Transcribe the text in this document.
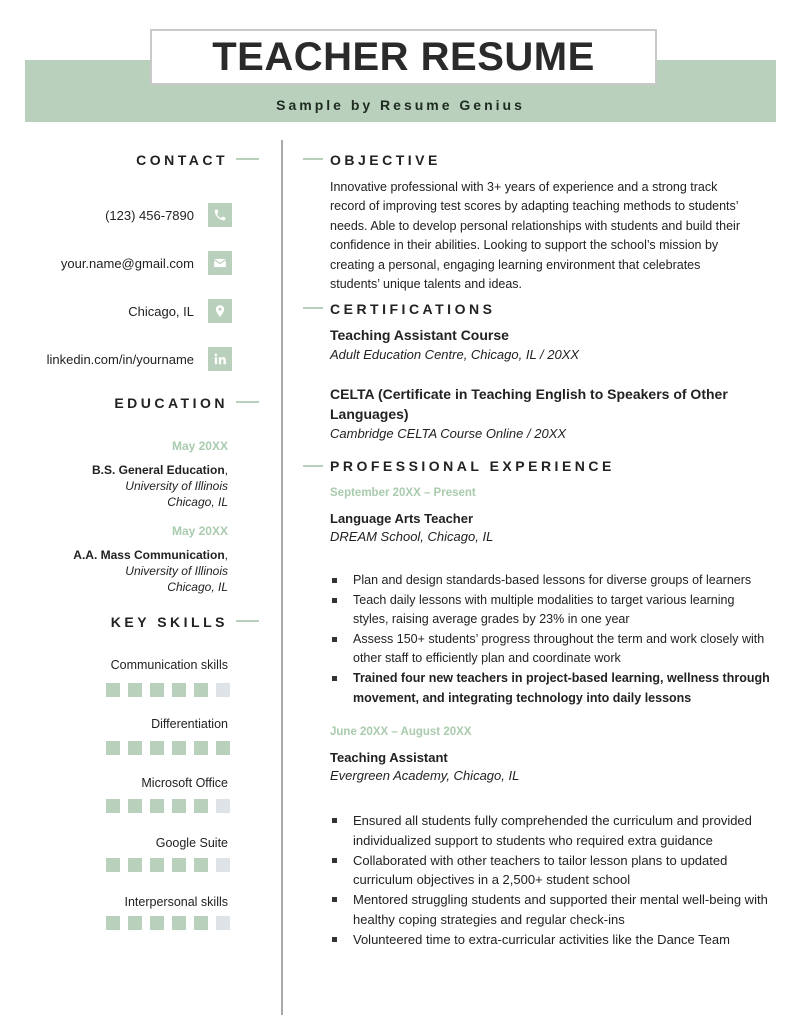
TEACHER RESUME
Sample by Resume Genius
CONTACT
(123) 456-7890
your.name@gmail.com
Chicago, IL
linkedin.com/in/yourname
EDUCATION
May 20XX
B.S. General Education,
University of Illinois
Chicago, IL
May 20XX
A.A. Mass Communication,
University of Illinois
Chicago, IL
KEY SKILLS
Communication skills
Differentiation
Microsoft Office
Google Suite
Interpersonal skills
OBJECTIVE
Innovative professional with 3+ years of experience and a strong track record of improving test scores by adapting teaching methods to students’ needs. Able to develop personal relationships with students and build their confidence in their abilities. Looking to support the school’s mission by creating a personal, engaging learning environment that celebrates students’ unique talents and ideas.
CERTIFICATIONS
Teaching Assistant Course
Adult Education Centre, Chicago, IL / 20XX
CELTA (Certificate in Teaching English to Speakers of Other Languages)
Cambridge CELTA Course Online / 20XX
PROFESSIONAL EXPERIENCE
September 20XX – Present
Language Arts Teacher
DREAM School, Chicago, IL
Plan and design standards-based lessons for diverse groups of learners
Teach daily lessons with multiple modalities to target various learning styles, raising average grades by 23% in one year
Assess 150+ students’ progress throughout the term and work closely with other staff to efficiently plan and coordinate work
Trained four new teachers in project-based learning, wellness through movement, and integrating technology into daily lessons
June 20XX – August 20XX
Teaching Assistant
Evergreen Academy, Chicago, IL
Ensured all students fully comprehended the curriculum and provided individualized support to students who required extra guidance
Collaborated with other teachers to tailor lesson plans to updated curriculum objectives in a 2,500+ student school
Mentored struggling students and supported their mental well-being with healthy coping strategies and regular check-ins
Volunteered time to extra-curricular activities like the Dance Team
